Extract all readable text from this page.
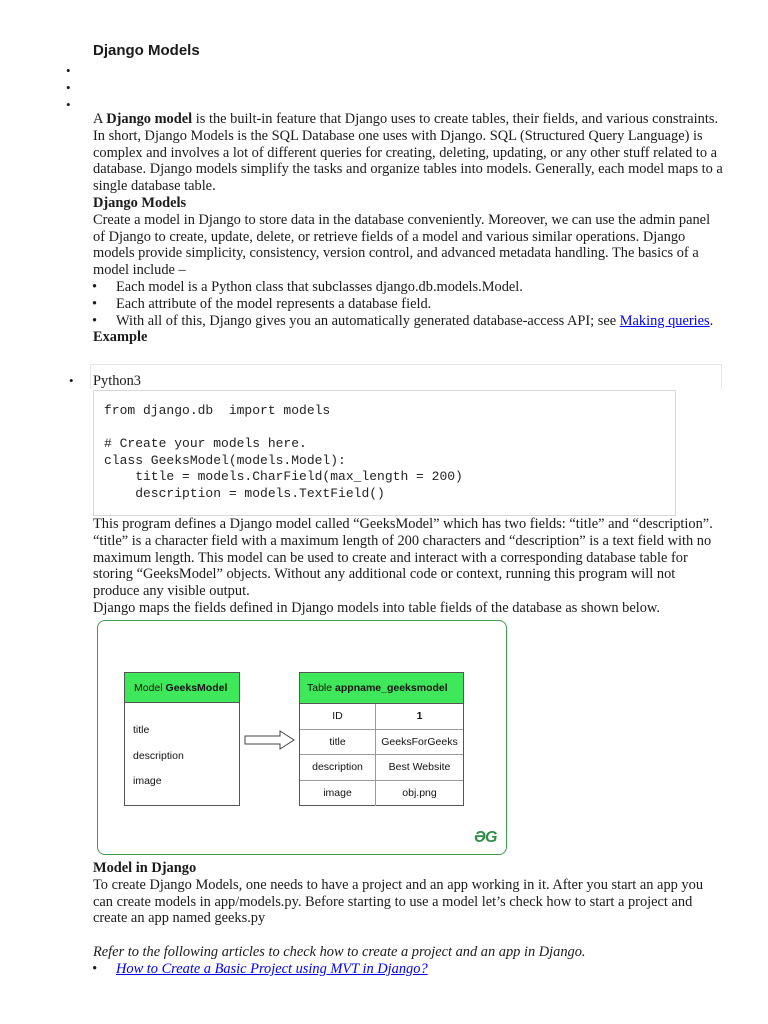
Django Models
•
•
•

A Django model is the built-in feature that Django uses to create tables, their fields, and various constraints. In short, Django Models is the SQL Database one uses with Django. SQL (Structured Query Language) is complex and involves a lot of different queries for creating, deleting, updating, or any other stuff related to a database. Django models simplify the tasks and organize tables into models. Generally, each model maps to a single database table.

Django Models

Create a model in Django to store data in the database conveniently. Moreover, we can use the admin panel of Django to create, update, delete, or retrieve fields of a model and various similar operations. Django models provide simplicity, consistency, version control, and advanced metadata handling. The basics of a model include –

• Each model is a Python class that subclasses django.db.models.Model.
• Each attribute of the model represents a database field.
• With all of this, Django gives you an automatically generated database-access API; see Making queries.

Example

• Python3
from django.db  import models
# Create your models here.
class GeeksModel(models.Model):
title = models.CharField(max_length = 200)
description = models.TextField()

This program defines a Django model called “GeeksModel” which has two fields: “title” and “description”. “title” is a character field with a maximum length of 200 characters and “description” is a text field with no maximum length. This model can be used to create and interact with a corresponding database table for storing “GeeksModel” objects. Without any additional code or context, running this program will not produce any visible output.

Django maps the fields defined in Django models into table fields of the database as shown below.

Model
GeeksModel
title
description
image
Table
appname_geeksmodel
ID	1
title	GeeksForGeeks
description	Best Website
image	obj.png
ƏG

Model in Django

To create Django Models, one needs to have a project and an app working in it. After you start an app you can create models in app/models.py. Before starting to use a model let’s check how to start a project and create an app named geeks.py

Refer to the following articles to check how to create a project and an app in Django.

• How to Create a Basic Project using MVT in Django?
